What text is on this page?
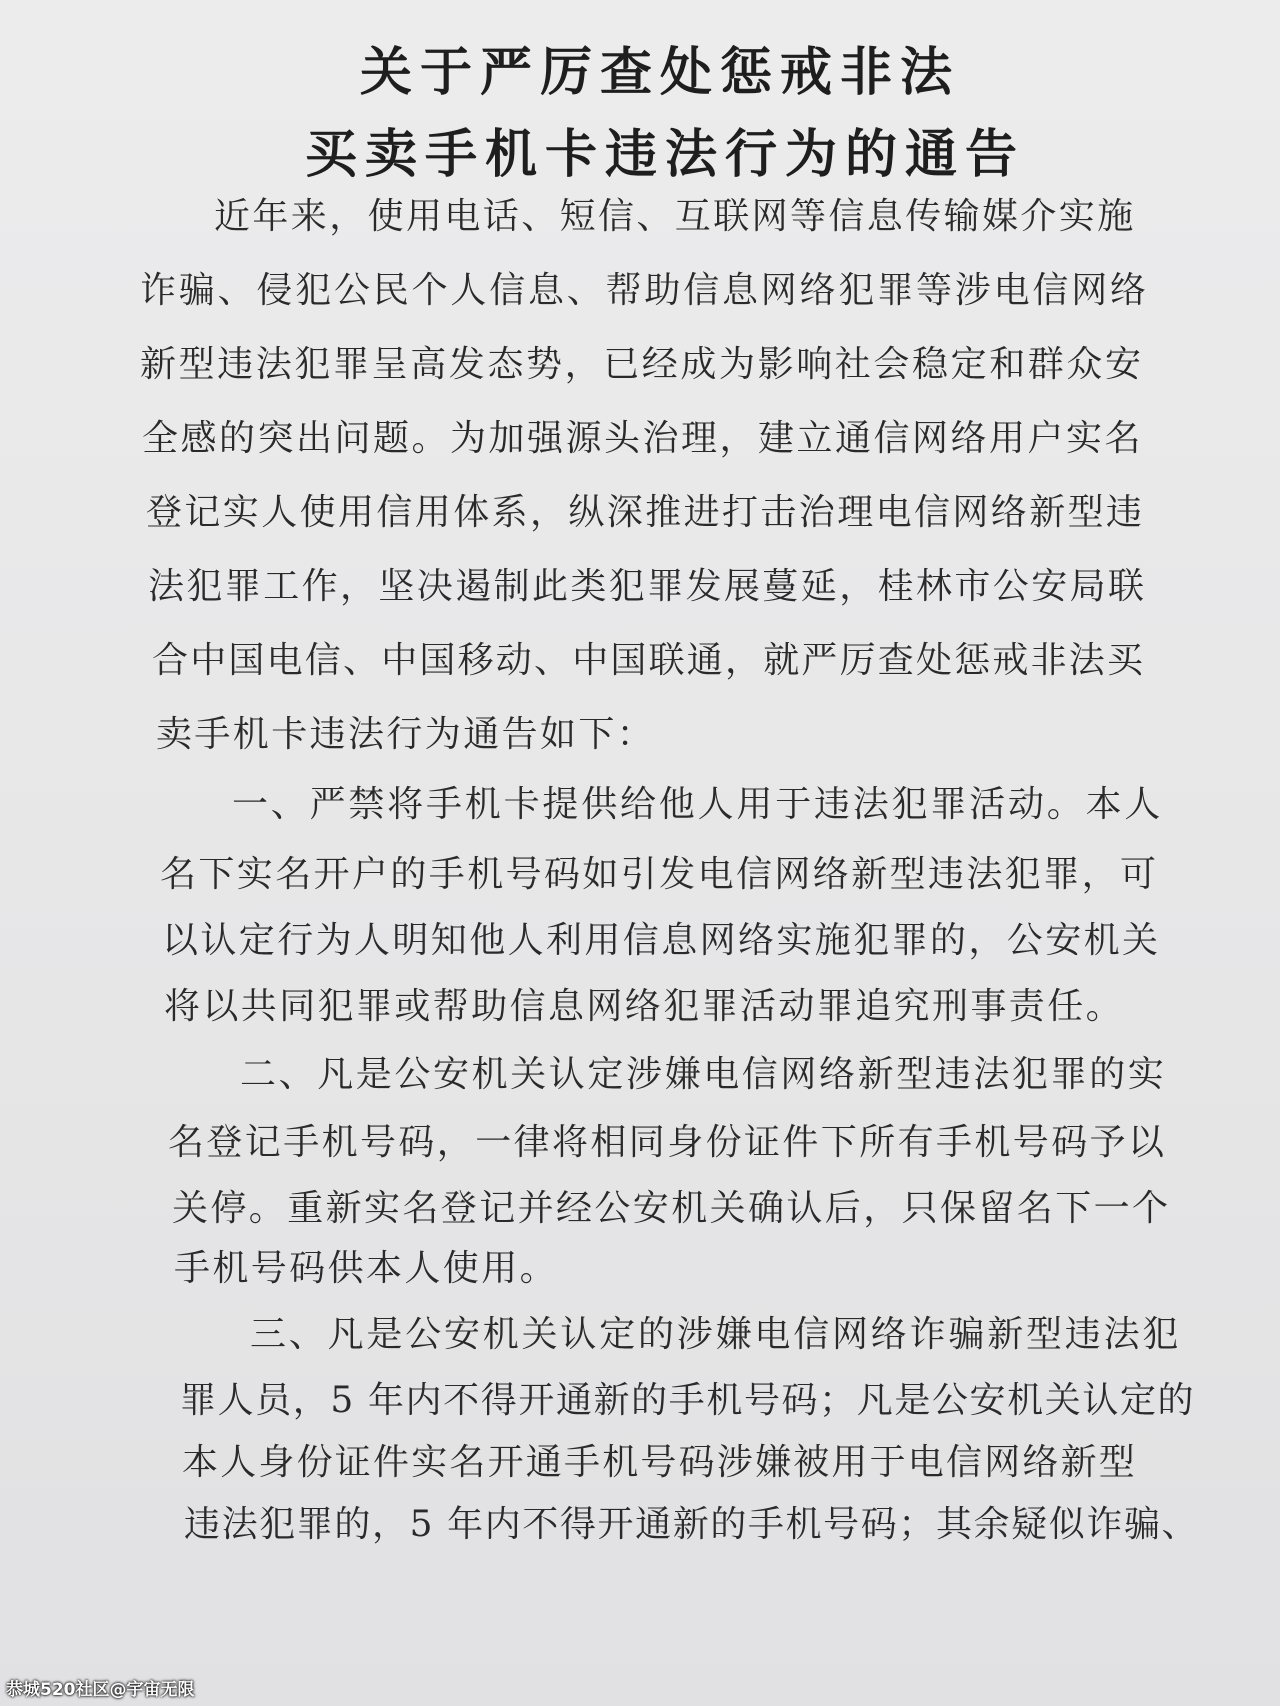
关于严厉查处惩戒非法
买卖手机卡违法行为的通告
近年来，使用电话、短信、互联网等信息传输媒介实施
诈骗、侵犯公民个人信息、帮助信息网络犯罪等涉电信网络
新型违法犯罪呈高发态势，已经成为影响社会稳定和群众安
全感的突出问题。为加强源头治理，建立通信网络用户实名
登记实人使用信用体系，纵深推进打击治理电信网络新型违
法犯罪工作，坚决遏制此类犯罪发展蔓延，桂林市公安局联
合中国电信、中国移动、中国联通，就严厉查处惩戒非法买
卖手机卡违法行为通告如下：
一、严禁将手机卡提供给他人用于违法犯罪活动。本人
名下实名开户的手机号码如引发电信网络新型违法犯罪，可
以认定行为人明知他人利用信息网络实施犯罪的，公安机关
将以共同犯罪或帮助信息网络犯罪活动罪追究刑事责任。
二、凡是公安机关认定涉嫌电信网络新型违法犯罪的实
名登记手机号码，一律将相同身份证件下所有手机号码予以
关停。重新实名登记并经公安机关确认后，只保留名下一个
手机号码供本人使用。
三、凡是公安机关认定的涉嫌电信网络诈骗新型违法犯
罪人员，5 年内不得开通新的手机号码；凡是公安机关认定的
本人身份证件实名开通手机号码涉嫌被用于电信网络新型
违法犯罪的，5 年内不得开通新的手机号码；其余疑似诈骗、
恭城520社区@宇宙无限
